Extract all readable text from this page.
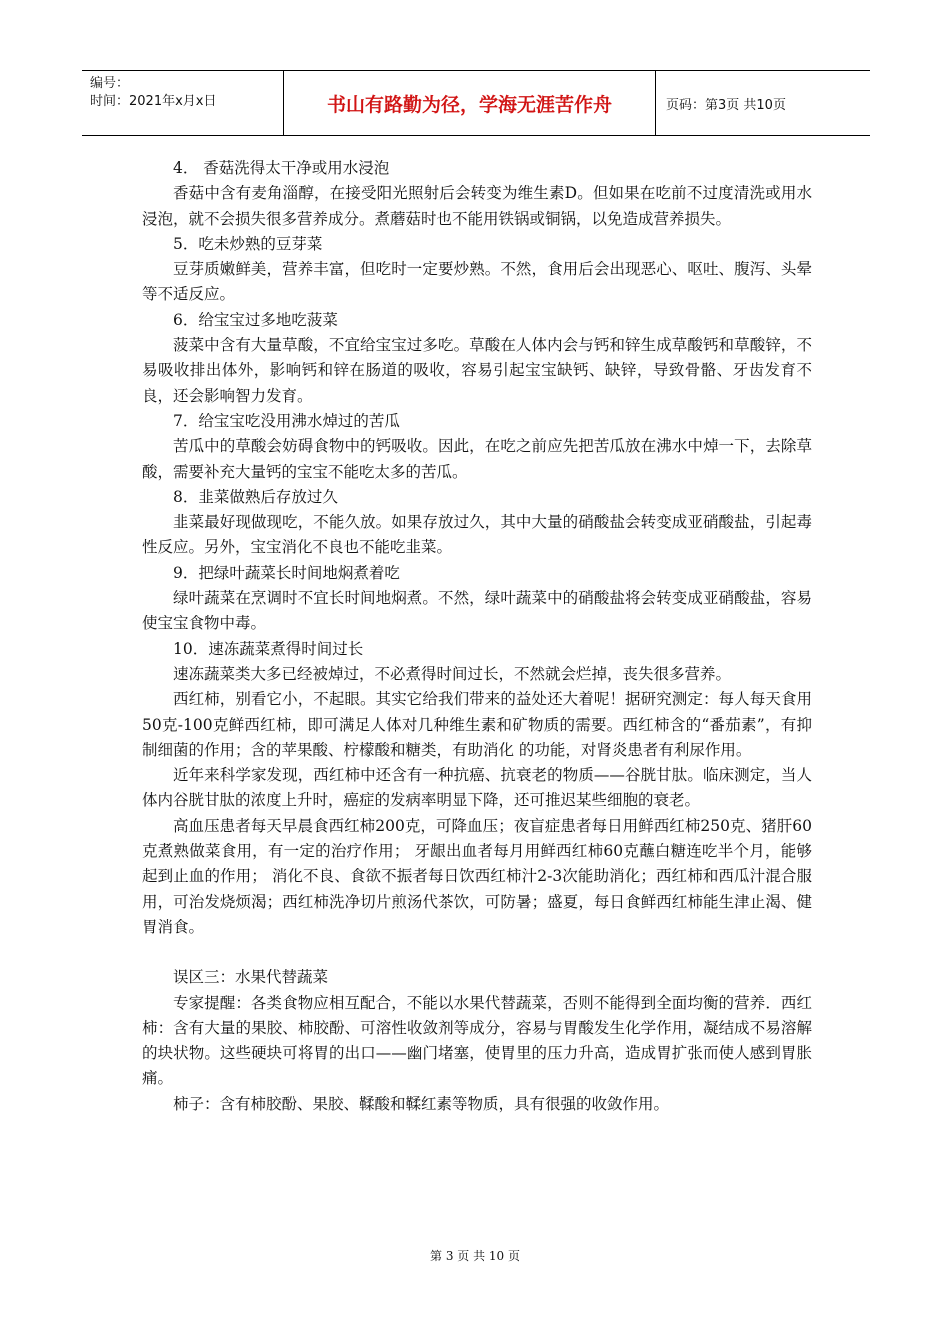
编号：
时间：2021年x月x日	书山有路勤为径，学海无涯苦作舟	页码：第3页 共10页

4． 香菇洗得太干净或用水浸泡

香菇中含有麦角淄醇，在接受阳光照射后会转变为维生素D。但如果在吃前不过度清洗或用水浸泡，就不会损失很多营养成分。煮蘑菇时也不能用铁锅或铜锅，以免造成营养损失。

5．吃未炒熟的豆芽菜

豆芽质嫩鲜美，营养丰富，但吃时一定要炒熟。不然，食用后会出现恶心、呕吐、腹泻、头晕等不适反应。

6．给宝宝过多地吃菠菜

菠菜中含有大量草酸，不宜给宝宝过多吃。草酸在人体内会与钙和锌生成草酸钙和草酸锌，不易吸收排出体外，影响钙和锌在肠道的吸收，容易引起宝宝缺钙、缺锌，导致骨骼、牙齿发育不良，还会影响智力发育。

7．给宝宝吃没用沸水焯过的苦瓜

苦瓜中的草酸会妨碍食物中的钙吸收。因此，在吃之前应先把苦瓜放在沸水中焯一下，去除草酸，需要补充大量钙的宝宝不能吃太多的苦瓜。

8．韭菜做熟后存放过久

韭菜最好现做现吃，不能久放。如果存放过久，其中大量的硝酸盐会转变成亚硝酸盐，引起毒性反应。另外，宝宝消化不良也不能吃韭菜。

9．把绿叶蔬菜长时间地焖煮着吃

绿叶蔬菜在烹调时不宜长时间地焖煮。不然，绿叶蔬菜中的硝酸盐将会转变成亚硝酸盐，容易使宝宝食物中毒。

10．速冻蔬菜煮得时间过长

速冻蔬菜类大多已经被焯过，不必煮得时间过长，不然就会烂掉，丧失很多营养。

西红柿，别看它小，不起眼。其实它给我们带来的益处还大着呢！据研究测定：每人每天食用50克-100克鲜西红柿，即可满足人体对几种维生素和矿物质的需要。西红柿含的“番茄素”，有抑制细菌的作用；含的苹果酸、柠檬酸和糖类，有助消化 的功能，对肾炎患者有利尿作用。

近年来科学家发现，西红柿中还含有一种抗癌、抗衰老的物质——谷胱甘肽。临床测定，当人体内谷胱甘肽的浓度上升时，癌症的发病率明显下降，还可推迟某些细胞的衰老。

高血压患者每天早晨食西红柿200克，可降血压；夜盲症患者每日用鲜西红柿250克、猪肝60克煮熟做菜食用，有一定的治疗作用； 牙龈出血者每月用鲜西红柿60克蘸白糖连吃半个月，能够起到止血的作用； 消化不良、食欲不振者每日饮西红柿汁2-3次能助消化；西红柿和西瓜汁混合服用，可治发烧烦渴；西红柿洗净切片煎汤代茶饮，可防暑；盛夏，每日食鲜西红柿能生津止渴、健胃消食。

误区三：水果代替蔬菜

专家提醒：各类食物应相互配合，不能以水果代替蔬菜，否则不能得到全面均衡的营养．西红柿：含有大量的果胶、柿胶酚、可溶性收敛剂等成分，容易与胃酸发生化学作用，凝结成不易溶解的块状物。这些硬块可将胃的出口——幽门堵塞，使胃里的压力升高，造成胃扩张而使人感到胃胀痛。

柿子：含有柿胶酚、果胶、鞣酸和鞣红素等物质，具有很强的收敛作用。

第 3 页 共 10 页
